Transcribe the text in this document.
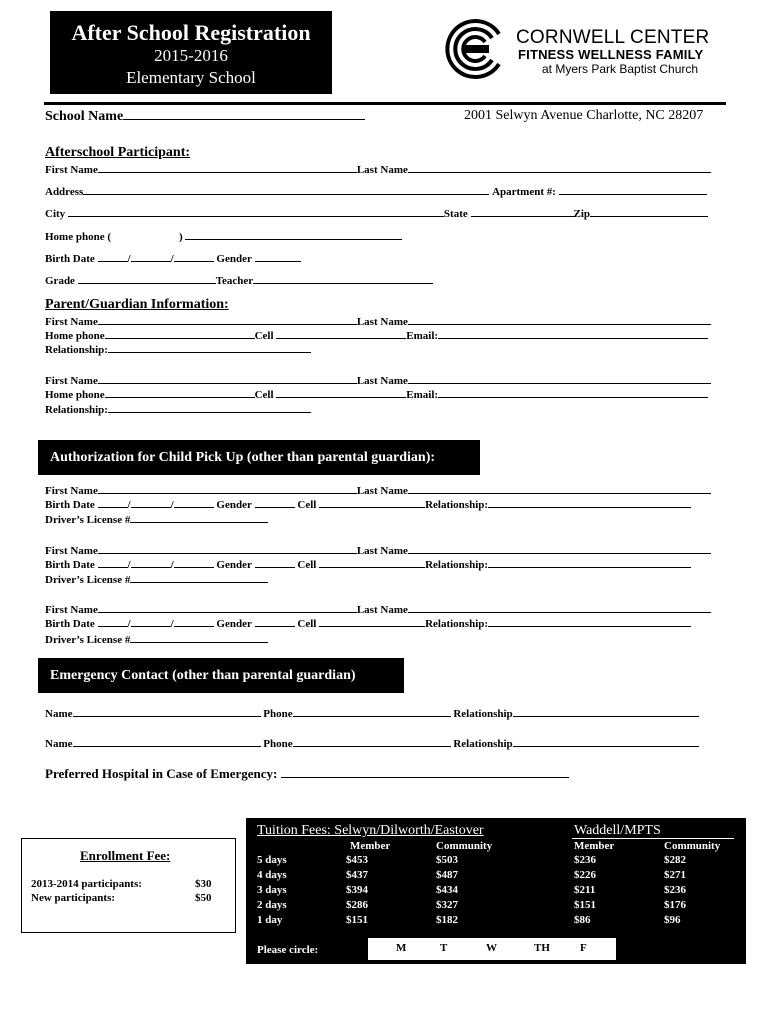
After School Registration
2015-2016
Elementary School
CORNWELL CENTER
FITNESS WELLNESS FAMILY
at Myers Park Baptist Church
School Name	2001 Selwyn Avenue Charlotte, NC 28207
Afterschool Participant:
First Name	Last Name
Address	Apartment #:
City	State	Zip
Home phone (	)
Birth Date	/	/	Gender
Grade	Teacher
Parent/Guardian Information:
First Name	Last Name
Home phone	Cell	Email:
Relationship:
First Name	Last Name
Home phone	Cell	Email:
Relationship:
Authorization for Child Pick Up (other than parental guardian):
First Name	Last Name
Birth Date	/	/	Gender	Cell	Relationship:
Driver’s License #
First Name	Last Name
Birth Date	/	/	Gender	Cell	Relationship:
Driver’s License #
First Name	Last Name
Birth Date	/	/	Gender	Cell	Relationship:
Driver’s License #
Emergency Contact (other than parental guardian)
Name	Phone	Relationship
Name	Phone	Relationship
Preferred Hospital in Case of Emergency:
Enrollment Fee:
2013-2014 participants:	$30
New participants:	$50
Tuition Fees: Selwyn/Dilworth/Eastover	Waddell/MPTS
Member	Community	Member	Community
5 days	$453	$503	$236	$282
4 days	$437	$487	$226	$271
3 days	$394	$434	$211	$236
2 days	$286	$327	$151	$176
1 day	$151	$182	$86	$96
Please circle:	M	T	W	TH	F
